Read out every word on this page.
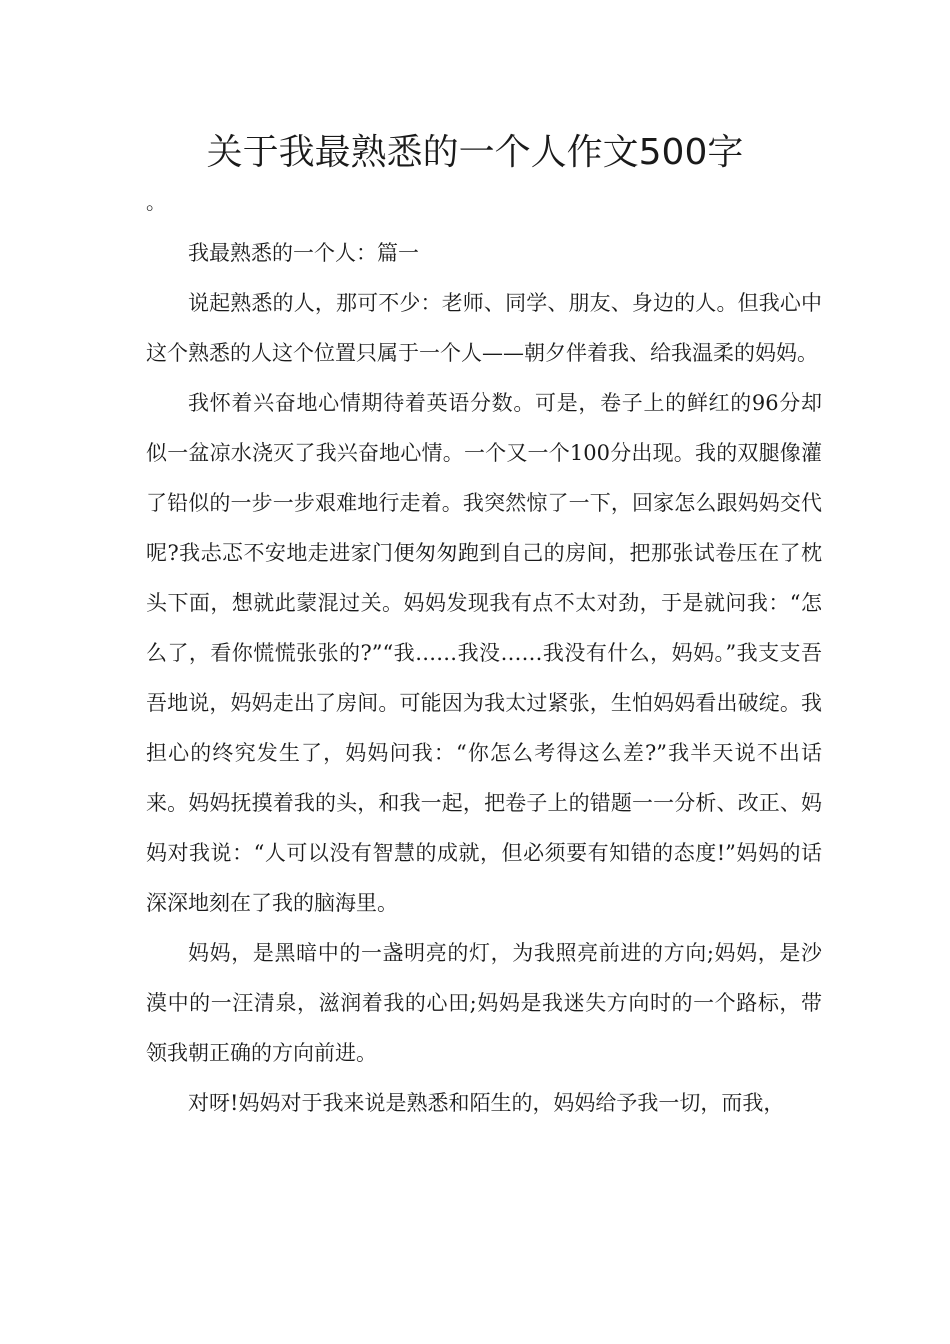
关于我最熟悉的一个人作文500字
。

我最熟悉的一个人：篇一

说起熟悉的人，那可不少：老师、同学、朋友、身边的人。但我心中这个熟悉的人这个位置只属于一个人——朝夕伴着我、给我温柔的妈妈。

我怀着兴奋地心情期待着英语分数。可是，卷子上的鲜红的96分却似一盆凉水浇灭了我兴奋地心情。一个又一个100分出现。我的双腿像灌了铅似的一步一步艰难地行走着。我突然惊了一下，回家怎么跟妈妈交代呢?我忐忑不安地走进家门便匆匆跑到自己的房间，把那张试卷压在了枕头下面，想就此蒙混过关。妈妈发现我有点不太对劲，于是就问我：“怎么了，看你慌慌张张的?”“我……我没……我没有什么，妈妈。”我支支吾吾地说，妈妈走出了房间。可能因为我太过紧张，生怕妈妈看出破绽。我担心的终究发生了，妈妈问我：“你怎么考得这么差?”我半天说不出话来。妈妈抚摸着我的头，和我一起，把卷子上的错题一一分析、改正、妈妈对我说：“人可以没有智慧的成就，但必须要有知错的态度!”妈妈的话深深地刻在了我的脑海里。

妈妈，是黑暗中的一盏明亮的灯，为我照亮前进的方向;妈妈，是沙漠中的一汪清泉，滋润着我的心田;妈妈是我迷失方向时的一个路标，带领我朝正确的方向前进。

对呀!妈妈对于我来说是熟悉和陌生的，妈妈给予我一切，而我，
